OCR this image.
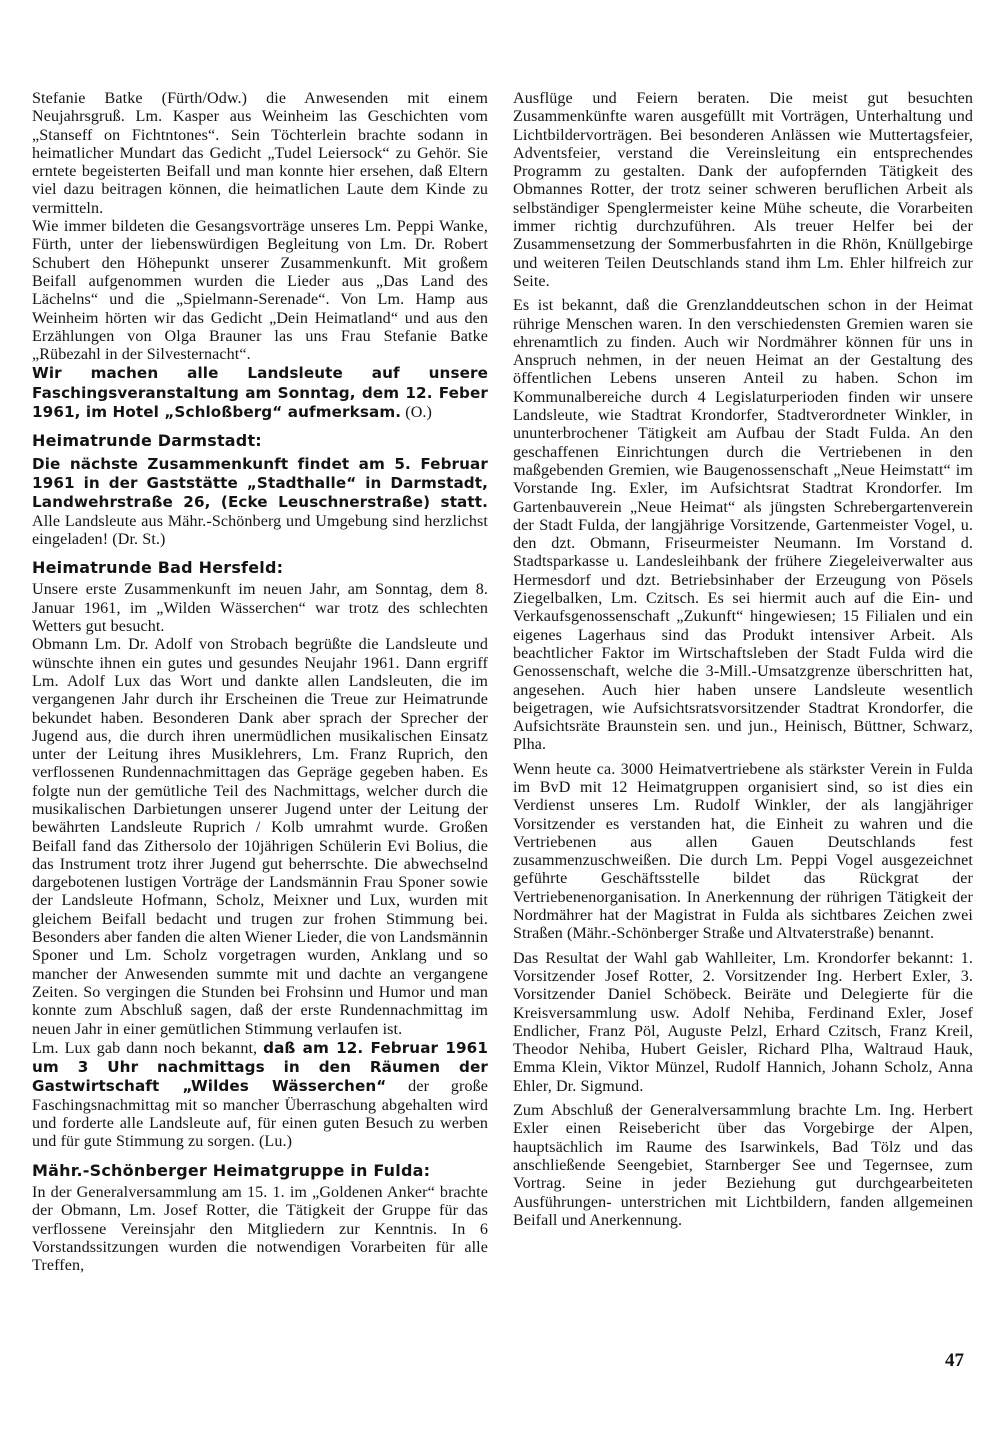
Stefanie Batke (Fürth/Odw.) die Anwesenden mit einem Neujahrsgruß. Lm. Kasper aus Weinheim las Geschichten vom „Stanseff on Fichtntones“. Sein Töchterlein brachte sodann in heimatlicher Mundart das Gedicht „Tudel Leiersock“ zu Gehör. Sie erntete begeisterten Beifall und man konnte hier ersehen, daß Eltern viel dazu beitragen können, die heimatlichen Laute dem Kinde zu vermitteln.

Wie immer bildeten die Gesangsvorträge unseres Lm. Peppi Wanke, Fürth, unter der liebenswürdigen Begleitung von Lm. Dr. Robert Schubert den Höhepunkt unserer Zusammenkunft. Mit großem Beifall aufgenommen wurden die Lieder aus „Das Land des Lächelns“ und die „Spielmann-Serenade“. Von Lm. Hamp aus Weinheim hörten wir das Gedicht „Dein Heimatland“ und aus den Erzählungen von Olga Brauner las uns Frau Stefanie Batke „Rübezahl in der Silvesternacht“.

Wir machen alle Landsleute auf unsere Faschingsveranstaltung am Sonntag, dem 12. Feber 1961, im Hotel „Schloßberg“ aufmerksam. (O.)

Heimatrunde Darmstadt:

Die nächste Zusammenkunft findet am 5. Februar 1961 in der Gaststätte „Stadthalle“ in Darmstadt, Landwehrstraße 26, (Ecke Leuschnerstraße) statt. Alle Landsleute aus Mähr.-Schönberg und Umgebung sind herzlichst eingeladen! (Dr. St.)

Heimatrunde Bad Hersfeld:

Unsere erste Zusammenkunft im neuen Jahr, am Sonntag, dem 8. Januar 1961, im „Wilden Wässerchen“ war trotz des schlechten Wetters gut besucht.

Obmann Lm. Dr. Adolf von Strobach begrüßte die Landsleute und wünschte ihnen ein gutes und gesundes Neujahr 1961. Dann ergriff Lm. Adolf Lux das Wort und dankte allen Landsleuten, die im vergangenen Jahr durch ihr Erscheinen die Treue zur Heimatrunde bekundet haben. Besonderen Dank aber sprach der Sprecher der Jugend aus, die durch ihren unermüdlichen musikalischen Einsatz unter der Leitung ihres Musiklehrers, Lm. Franz Ruprich, den verflossenen Rundennachmittagen das Gepräge gegeben haben. Es folgte nun der gemütliche Teil des Nachmittags, welcher durch die musikalischen Darbietungen unserer Jugend unter der Leitung der bewährten Landsleute Ruprich / Kolb umrahmt wurde. Großen Beifall fand das Zithersolo der 10jährigen Schülerin Evi Bolius, die das Instrument trotz ihrer Jugend gut beherrschte. Die abwechselnd dargebotenen lustigen Vorträge der Landsmännin Frau Sponer sowie der Landsleute Hofmann, Scholz, Meixner und Lux, wurden mit gleichem Beifall bedacht und trugen zur frohen Stimmung bei. Besonders aber fanden die alten Wiener Lieder, die von Landsmännin Sponer und Lm. Scholz vorgetragen wurden, Anklang und so mancher der Anwesenden summte mit und dachte an vergangene Zeiten. So vergingen die Stunden bei Frohsinn und Humor und man konnte zum Abschluß sagen, daß der erste Rundennachmittag im neuen Jahr in einer gemütlichen Stimmung verlaufen ist.

Lm. Lux gab dann noch bekannt, daß am 12. Februar 1961 um 3 Uhr nachmittags in den Räumen der Gastwirtschaft „Wildes Wässerchen“ der große Faschingsnachmittag mit so mancher Überraschung abgehalten wird und forderte alle Landsleute auf, für einen guten Besuch zu werben und für gute Stimmung zu sorgen. (Lu.)

Mähr.-Schönberger Heimatgruppe in Fulda:

In der Generalversammlung am 15. 1. im „Goldenen Anker“ brachte der Obmann, Lm. Josef Rotter, die Tätigkeit der Gruppe für das verflossene Vereinsjahr den Mitgliedern zur Kenntnis. In 6 Vorstandssitzungen wurden die notwendigen Vorarbeiten für alle Treffen,

Ausflüge und Feiern beraten. Die meist gut besuchten Zusammenkünfte waren ausgefüllt mit Vorträgen, Unterhaltung und Lichtbildervorträgen. Bei besonderen Anlässen wie Muttertagsfeier, Adventsfeier, verstand die Vereinsleitung ein entsprechendes Programm zu gestalten. Dank der aufopfernden Tätigkeit des Obmannes Rotter, der trotz seiner schweren beruflichen Arbeit als selbständiger Spenglermeister keine Mühe scheute, die Vorarbeiten immer richtig durchzuführen. Als treuer Helfer bei der Zusammensetzung der Sommerbusfahrten in die Rhön, Knüllgebirge und weiteren Teilen Deutschlands stand ihm Lm. Ehler hilfreich zur Seite.

Es ist bekannt, daß die Grenzlanddeutschen schon in der Heimat rührige Menschen waren. In den verschiedensten Gremien waren sie ehrenamtlich zu finden. Auch wir Nordmährer können für uns in Anspruch nehmen, in der neuen Heimat an der Gestaltung des öffentlichen Lebens unseren Anteil zu haben. Schon im Kommunalbereiche durch 4 Legislaturperioden finden wir unsere Landsleute, wie Stadtrat Krondorfer, Stadtverordneter Winkler, in ununterbrochener Tätigkeit am Aufbau der Stadt Fulda. An den geschaffenen Einrichtungen durch die Vertriebenen in den maßgebenden Gremien, wie Baugenossenschaft „Neue Heimstatt“ im Vorstande Ing. Exler, im Aufsichtsrat Stadtrat Krondorfer. Im Gartenbauverein „Neue Heimat“ als jüngsten Schrebergartenverein der Stadt Fulda, der langjährige Vorsitzende, Gartenmeister Vogel, u. den dzt. Obmann, Friseurmeister Neumann. Im Vorstand d. Stadtsparkasse u. Landesleihbank der frühere Ziegeleiverwalter aus Hermesdorf und dzt. Betriebsinhaber der Erzeugung von Pösels Ziegelbalken, Lm. Czitsch. Es sei hiermit auch auf die Ein- und Verkaufsgenossenschaft „Zukunft“ hingewiesen; 15 Filialen und ein eigenes Lagerhaus sind das Produkt intensiver Arbeit. Als beachtlicher Faktor im Wirtschaftsleben der Stadt Fulda wird die Genossenschaft, welche die 3-Mill.-Umsatzgrenze überschritten hat, angesehen. Auch hier haben unsere Landsleute wesentlich beigetragen, wie Aufsichtsratsvorsitzender Stadtrat Krondorfer, die Aufsichtsräte Braunstein sen. und jun., Heinisch, Büttner, Schwarz, Plha.

Wenn heute ca. 3000 Heimatvertriebene als stärkster Verein in Fulda im BvD mit 12 Heimatgruppen organisiert sind, so ist dies ein Verdienst unseres Lm. Rudolf Winkler, der als langjähriger Vorsitzender es verstanden hat, die Einheit zu wahren und die Vertriebenen aus allen Gauen Deutschlands fest zusammenzuschweißen. Die durch Lm. Peppi Vogel ausgezeichnet geführte Geschäftsstelle bildet das Rückgrat der Vertriebenenorganisation. In Anerkennung der rührigen Tätigkeit der Nordmährer hat der Magistrat in Fulda als sichtbares Zeichen zwei Straßen (Mähr.-Schönberger Straße und Altvaterstraße) benannt.

Das Resultat der Wahl gab Wahlleiter, Lm. Krondorfer bekannt: 1. Vorsitzender Josef Rotter, 2. Vorsitzender Ing. Herbert Exler, 3. Vorsitzender Daniel Schöbeck. Beiräte und Delegierte für die Kreisversammlung usw. Adolf Nehiba, Ferdinand Exler, Josef Endlicher, Franz Pöl, Auguste Pelzl, Erhard Czitsch, Franz Kreil, Theodor Nehiba, Hubert Geisler, Richard Plha, Waltraud Hauk, Emma Klein, Viktor Münzel, Rudolf Hannich, Johann Scholz, Anna Ehler, Dr. Sigmund.

Zum Abschluß der Generalversammlung brachte Lm. Ing. Herbert Exler einen Reisebericht über das Vorgebirge der Alpen, hauptsächlich im Raume des Isarwinkels, Bad Tölz und das anschließende Seengebiet, Starnberger See und Tegernsee, zum Vortrag. Seine in jeder Beziehung gut durchgearbeiteten Ausführungen- unterstrichen mit Lichtbildern, fanden allgemeinen Beifall und Anerkennung.

47
